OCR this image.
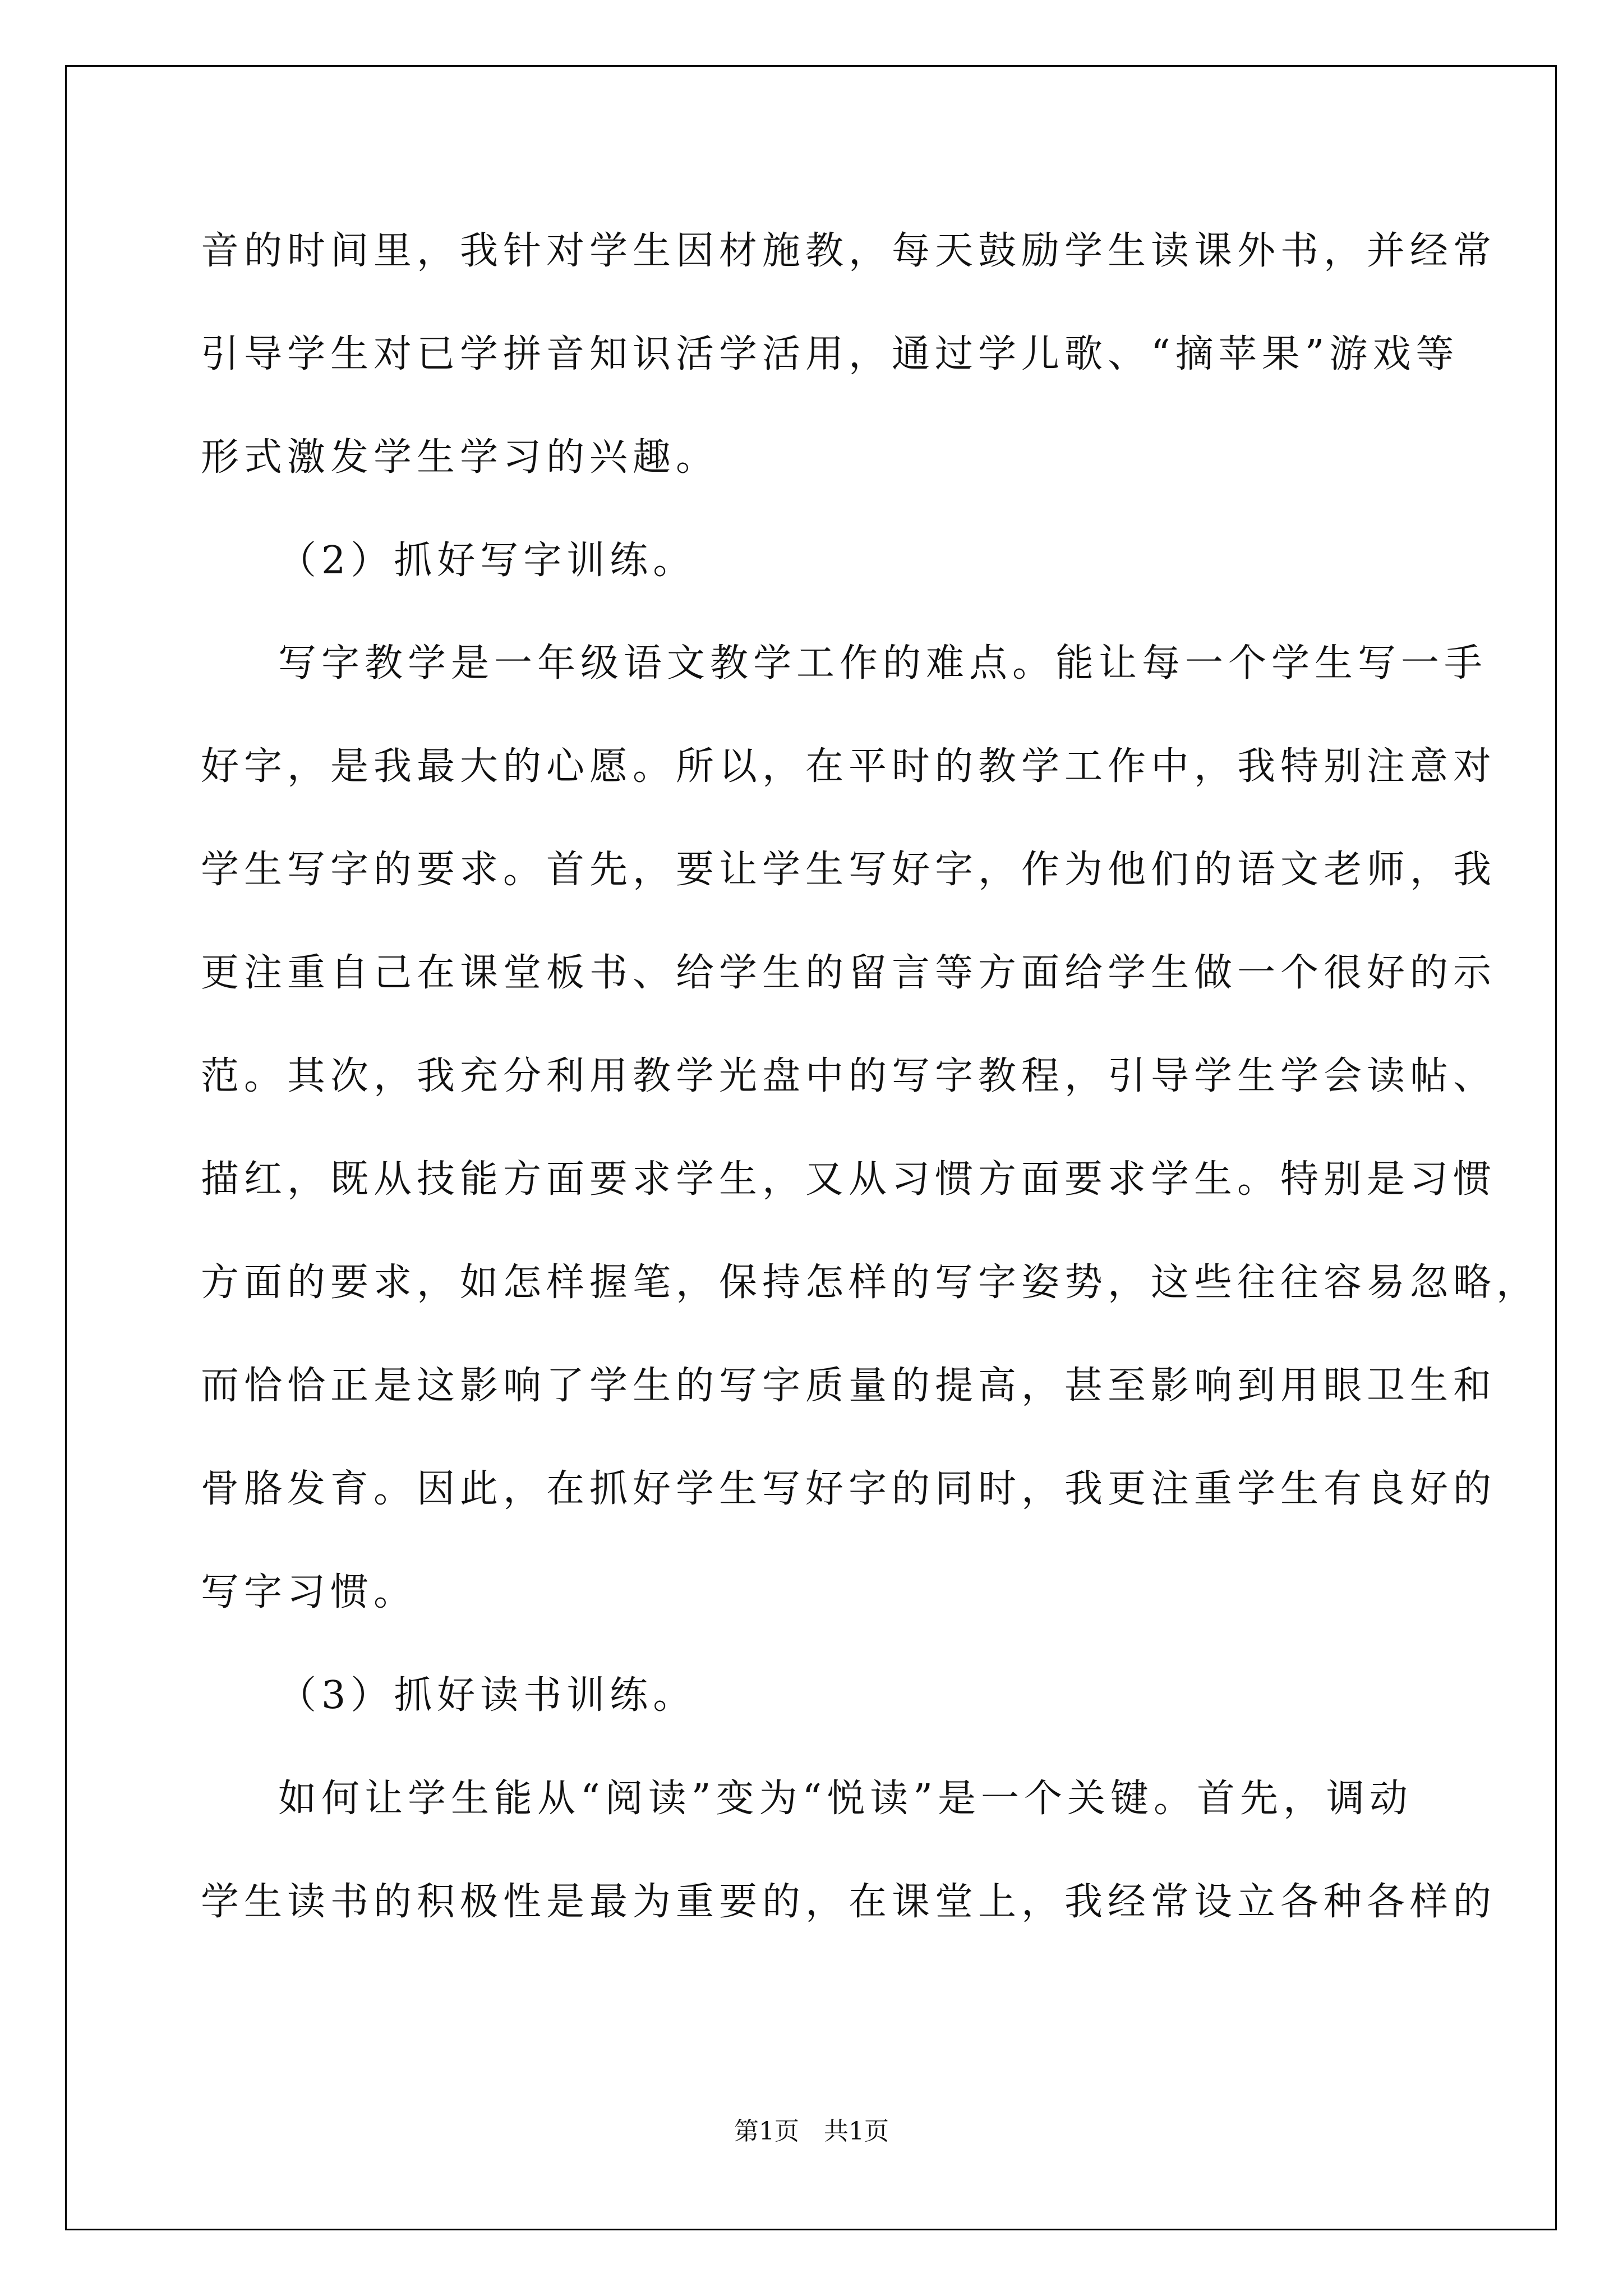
音的时间里，我针对学生因材施教，每天鼓励学生读课外书，并经常
引导学生对已学拼音知识活学活用，通过学儿歌、“摘苹果”游戏等
形式激发学生学习的兴趣。
（2）抓好写字训练。
写字教学是一年级语文教学工作的难点。能让每一个学生写一手
好字，是我最大的心愿。所以，在平时的教学工作中，我特别注意对
学生写字的要求。首先，要让学生写好字，作为他们的语文老师，我
更注重自己在课堂板书、给学生的留言等方面给学生做一个很好的示
范。其次，我充分利用教学光盘中的写字教程，引导学生学会读帖、
描红，既从技能方面要求学生，又从习惯方面要求学生。特别是习惯
方面的要求，如怎样握笔，保持怎样的写字姿势，这些往往容易忽略，
而恰恰正是这影响了学生的写字质量的提高，甚至影响到用眼卫生和
骨胳发育。因此，在抓好学生写好字的同时，我更注重学生有良好的
写字习惯。
（3）抓好读书训练。
如何让学生能从“阅读”变为“悦读”是一个关键。首先，调动
学生读书的积极性是最为重要的，在课堂上，我经常设立各种各样的
第1页　共1页
